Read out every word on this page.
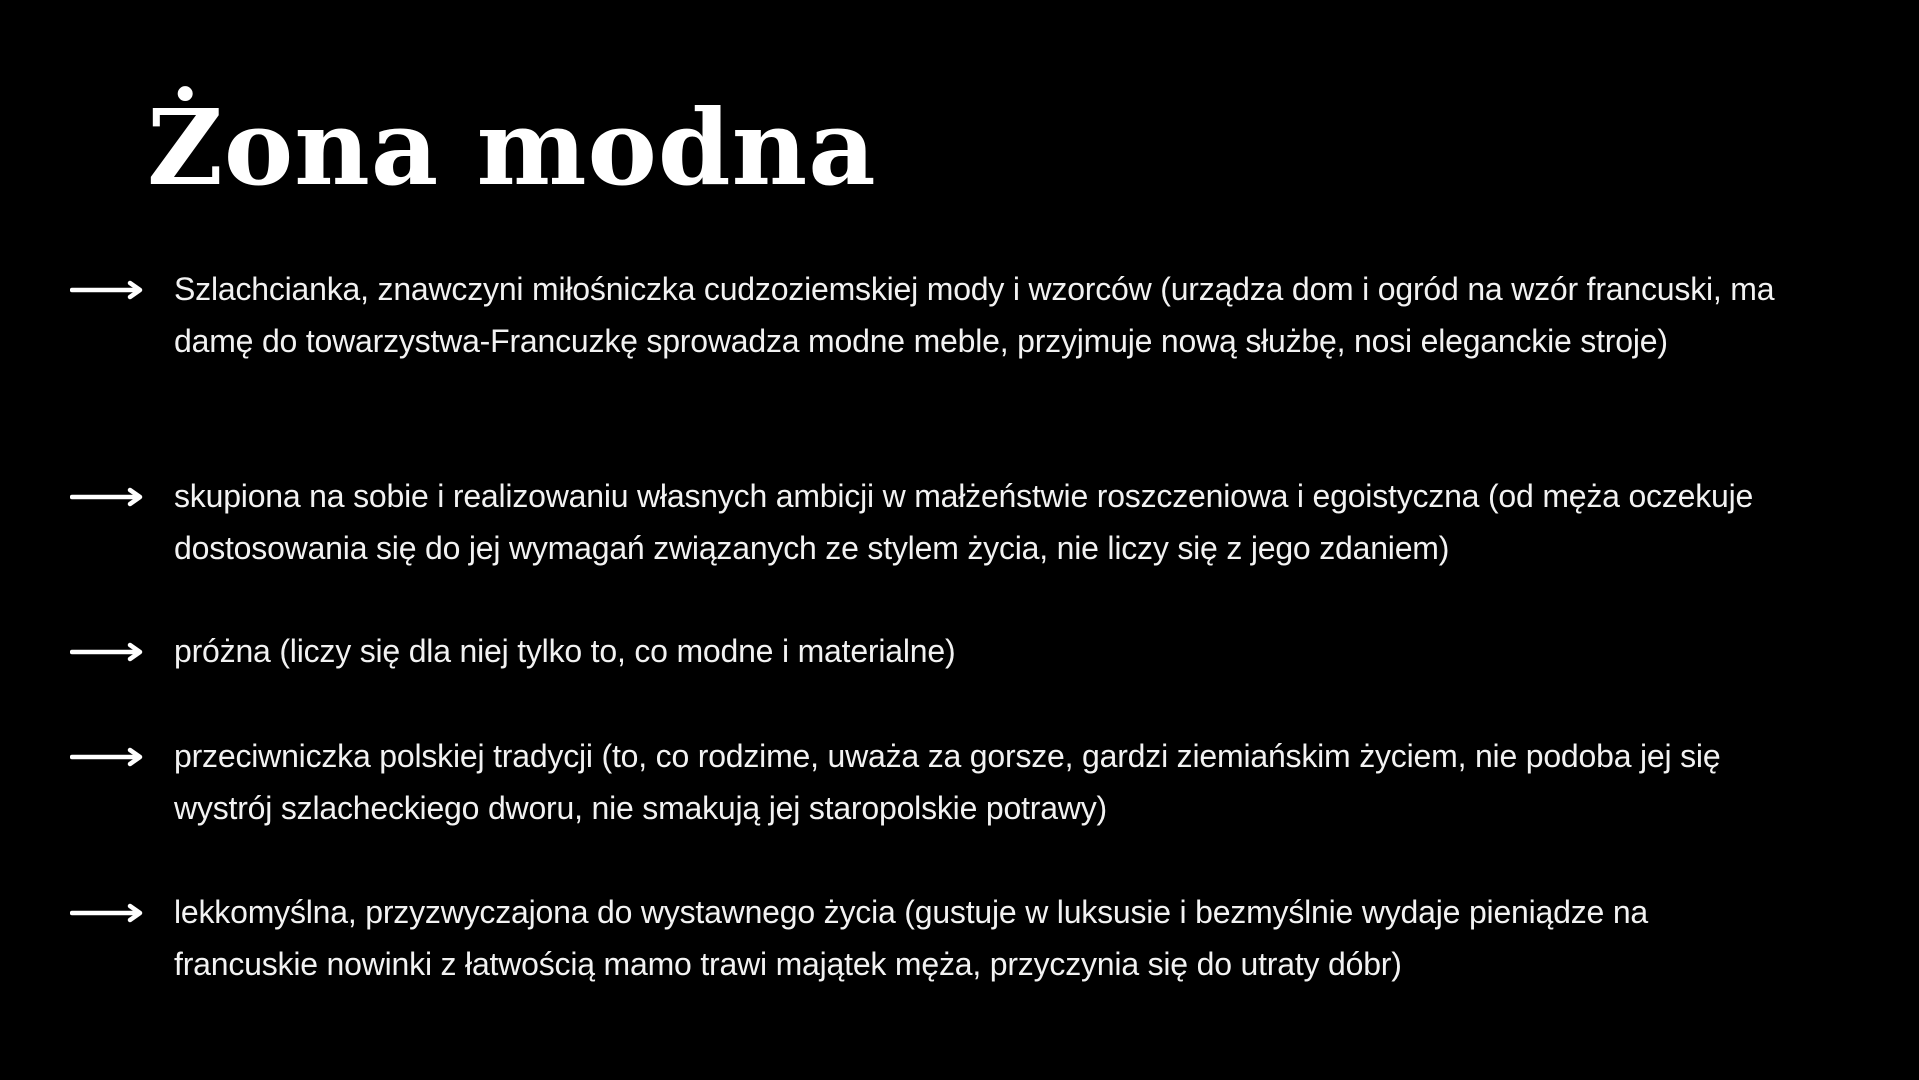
Żona modna
Szlachcianka, znawczyni miłośniczka cudzoziemskiej mody i wzorców (urządza dom i ogród na wzór francuski, ma damę do towarzystwa-Francuzkę sprowadza modne meble, przyjmuje nową służbę, nosi eleganckie stroje)
skupiona na sobie i realizowaniu własnych ambicji w małżeństwie roszczeniowa i egoistyczna (od męża oczekuje dostosowania się do jej wymagań związanych ze stylem życia, nie liczy się z jego zdaniem)
próżna (liczy się dla niej tylko to, co modne i materialne)
przeciwniczka polskiej tradycji (to, co rodzime, uważa za gorsze, gardzi ziemiańskim życiem, nie podoba jej się wystrój szlacheckiego dworu, nie smakują jej staropolskie potrawy)
lekkomyślna, przyzwyczajona do wystawnego życia (gustuje w luksusie i bezmyślnie wydaje pieniądze na francuskie nowinki z łatwością mamo trawi majątek męża, przyczynia się do utraty dóbr)
